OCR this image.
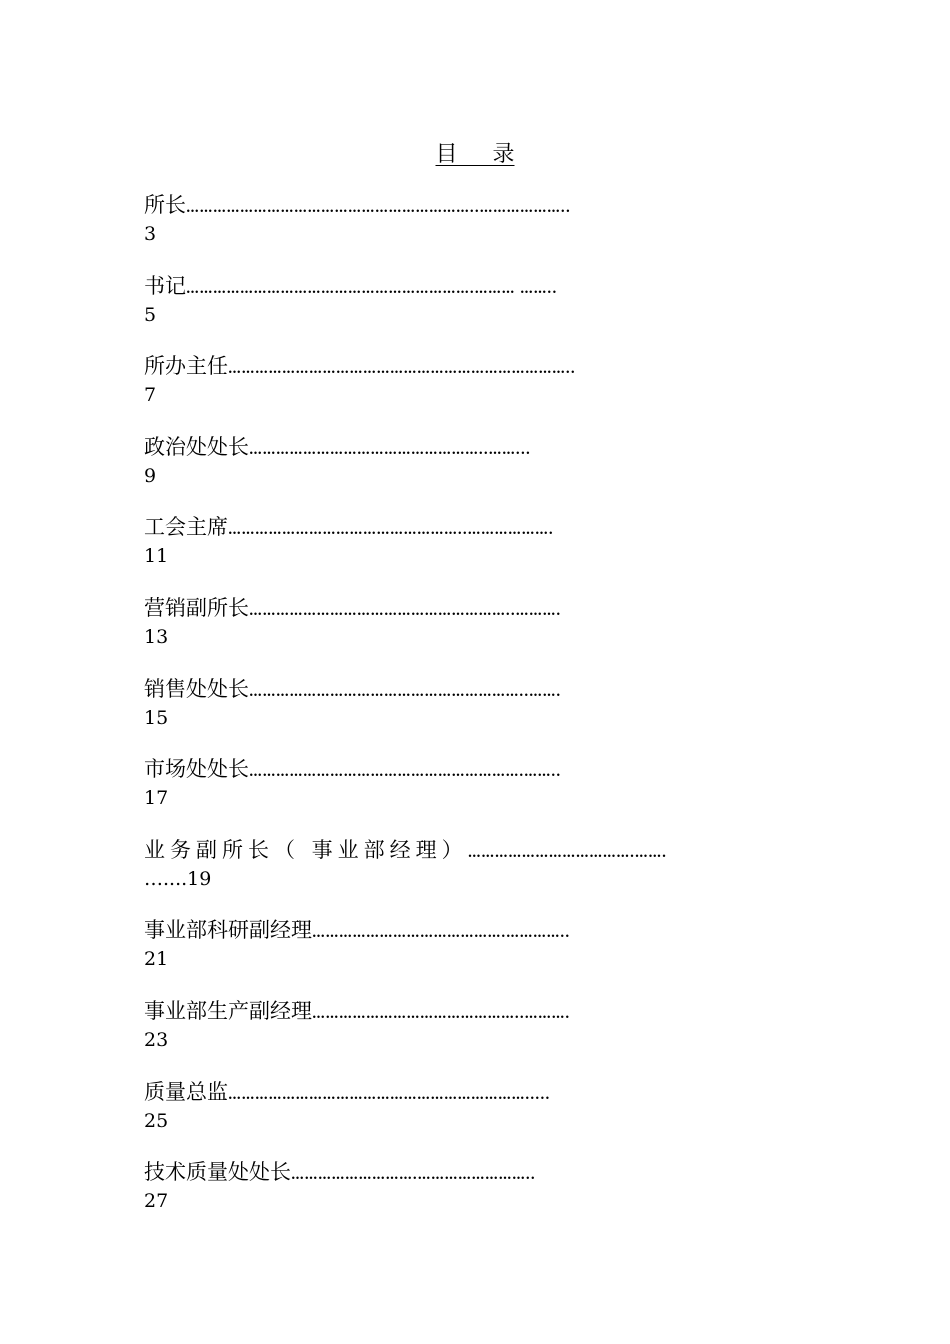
目 录
所长 ………………………………………………………..………………..
3
书记 ……………………………………………………….……… ……..
5
所办主任 …………………………………………………………………..
7
政治处处长 ……………………………………………..……...
9
工会主席 ……………………………………………..……………….
11
营销副所长 …………………………………………………..……….
13
销售处处长 ……………………………………………………..…….
15
市场处处长 …………………………………………………….……..
17
业务副所长（ 事业部经理） ……………………………….…….
…....19
事业部科研副经理 …………………………………….…………..
21
事业部生产副经理 ………………………………………..……….
23
质量总监 ………………………………………………………….....
25
技术质量处处长 ……………………….……………………..
27
